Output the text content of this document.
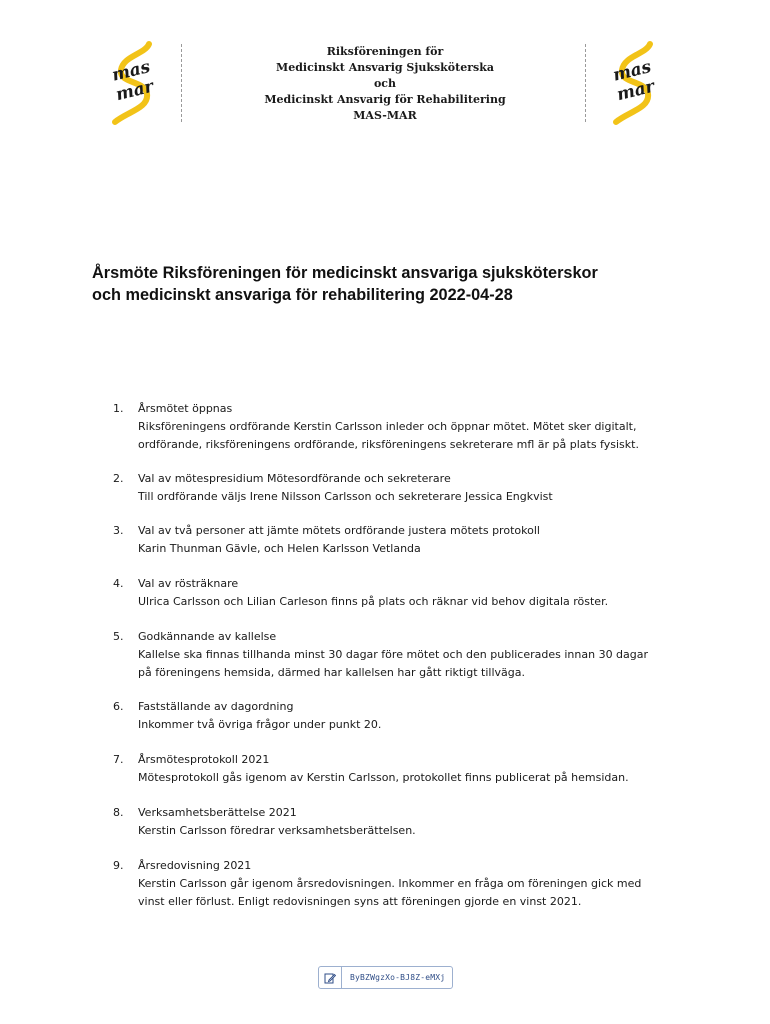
mas
mar
Riksföreningen för
Medicinskt Ansvarig Sjuksköterska
och
Medicinskt Ansvarig för Rehabilitering
MAS-MAR
mas
mar
Årsmöte Riksföreningen för medicinskt ansvariga sjuksköterskor
och medicinskt ansvariga för rehabilitering 2022-04-28
1.	Årsmötet öppnas
Riksföreningens ordförande Kerstin Carlsson inleder och öppnar mötet. Mötet sker digitalt,
ordförande, riksföreningens ordförande, riksföreningens sekreterare mfl är på plats fysiskt.
2.	Val av mötespresidium Mötesordförande och sekreterare
Till ordförande väljs Irene Nilsson Carlsson och sekreterare Jessica Engkvist
3.	Val av två personer att jämte mötets ordförande justera mötets protokoll
Karin Thunman Gävle, och Helen Karlsson Vetlanda
4.	Val av rösträknare
Ulrica Carlsson och Lilian Carleson finns på plats och räknar vid behov digitala röster.
5.	Godkännande av kallelse
Kallelse ska finnas tillhanda minst 30 dagar före mötet och den publicerades innan 30 dagar
på föreningens hemsida, därmed har kallelsen har gått riktigt tillväga.
6.	Fastställande av dagordning
Inkommer två övriga frågor under punkt 20.
7.	Årsmötesprotokoll 2021
Mötesprotokoll gås igenom av Kerstin Carlsson, protokollet finns publicerat på hemsidan.
8.	Verksamhetsberättelse 2021
Kerstin Carlsson föredrar verksamhetsberättelsen.
9.	Årsredovisning 2021
Kerstin Carlsson går igenom årsredovisningen. Inkommer en fråga om föreningen gick med
vinst eller förlust. Enligt redovisningen syns att föreningen gjorde en vinst 2021.
ByBZWgzXo-BJ8Z-eMXj
